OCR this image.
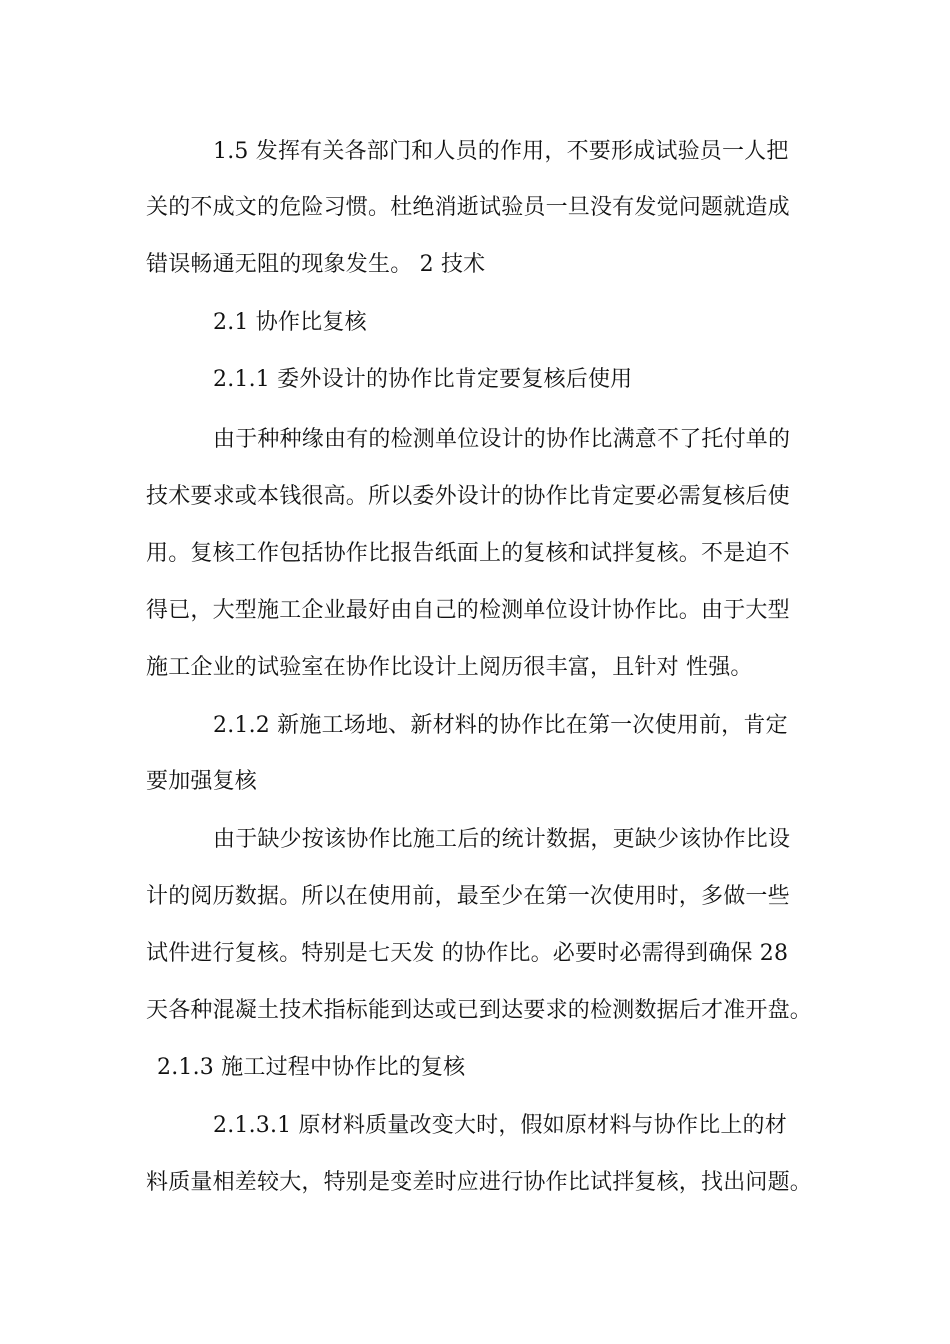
1.5 发挥有关各部门和人员的作用，不要形成试验员一人把
关的不成文的危险习惯。杜绝消逝试验员一旦没有发觉问题就造成
错误畅通无阻的现象发生。 2 技术
2.1 协作比复核
2.1.1 委外设计的协作比肯定要复核后使用
由于种种缘由有的检测单位设计的协作比满意不了托付单的
技术要求或本钱很高。所以委外设计的协作比肯定要必需复核后使
用。复核工作包括协作比报告纸面上的复核和试拌复核。不是迫不
得已，大型施工企业最好由自己的检测单位设计协作比。由于大型
施工企业的试验室在协作比设计上阅历很丰富，且针对 性强。
2.1.2 新施工场地、新材料的协作比在第一次使用前，肯定
要加强复核
由于缺少按该协作比施工后的统计数据，更缺少该协作比设
计的阅历数据。所以在使用前，最至少在第一次使用时，多做一些
试件进行复核。特别是七天发 的协作比。必要时必需得到确保 28
天各种混凝土技术指标能到达或已到达要求的检测数据后才准开盘。
2.1.3 施工过程中协作比的复核
2.1.3.1 原材料质量改变大时，假如原材料与协作比上的材
料质量相差较大，特别是变差时应进行协作比试拌复核，找出问题。
